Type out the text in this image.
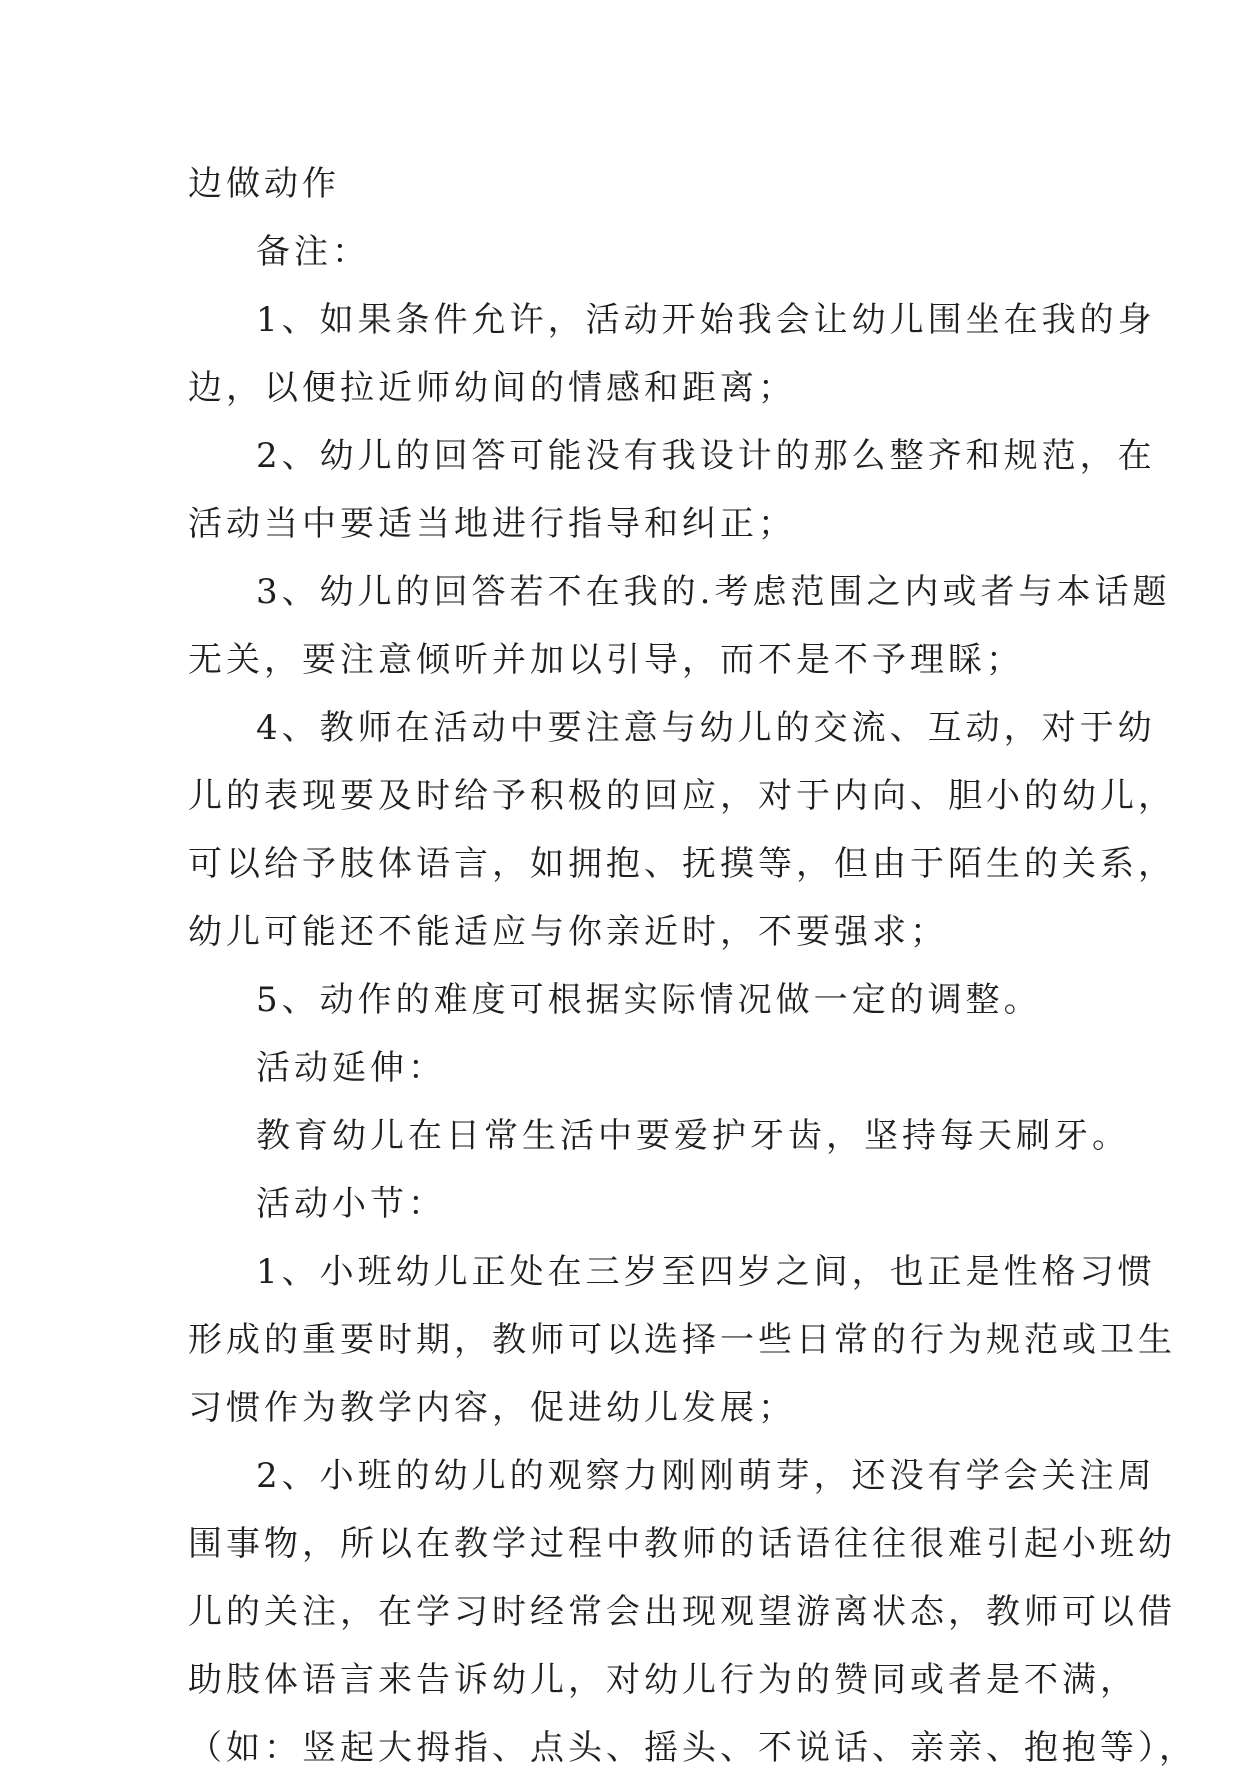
边做动作

备注：

1、如果条件允许，活动开始我会让幼儿围坐在我的身

边，以便拉近师幼间的情感和距离；

2、幼儿的回答可能没有我设计的那么整齐和规范，在

活动当中要适当地进行指导和纠正；

3、幼儿的回答若不在我的.考虑范围之内或者与本话题

无关，要注意倾听并加以引导，而不是不予理睬；

4、教师在活动中要注意与幼儿的交流、互动，对于幼

儿的表现要及时给予积极的回应，对于内向、胆小的幼儿，

可以给予肢体语言，如拥抱、抚摸等，但由于陌生的关系，

幼儿可能还不能适应与你亲近时，不要强求；

5、动作的难度可根据实际情况做一定的调整。

活动延伸：

教育幼儿在日常生活中要爱护牙齿，坚持每天刷牙。

活动小节：

1、小班幼儿正处在三岁至四岁之间，也正是性格习惯

形成的重要时期，教师可以选择一些日常的行为规范或卫生

习惯作为教学内容，促进幼儿发展；

2、小班的幼儿的观察力刚刚萌芽，还没有学会关注周

围事物，所以在教学过程中教师的话语往往很难引起小班幼

儿的关注，在学习时经常会出现观望游离状态，教师可以借

助肢体语言来告诉幼儿，对幼儿行为的赞同或者是不满，

（如：竖起大拇指、点头、摇头、不说话、亲亲、抱抱等），
